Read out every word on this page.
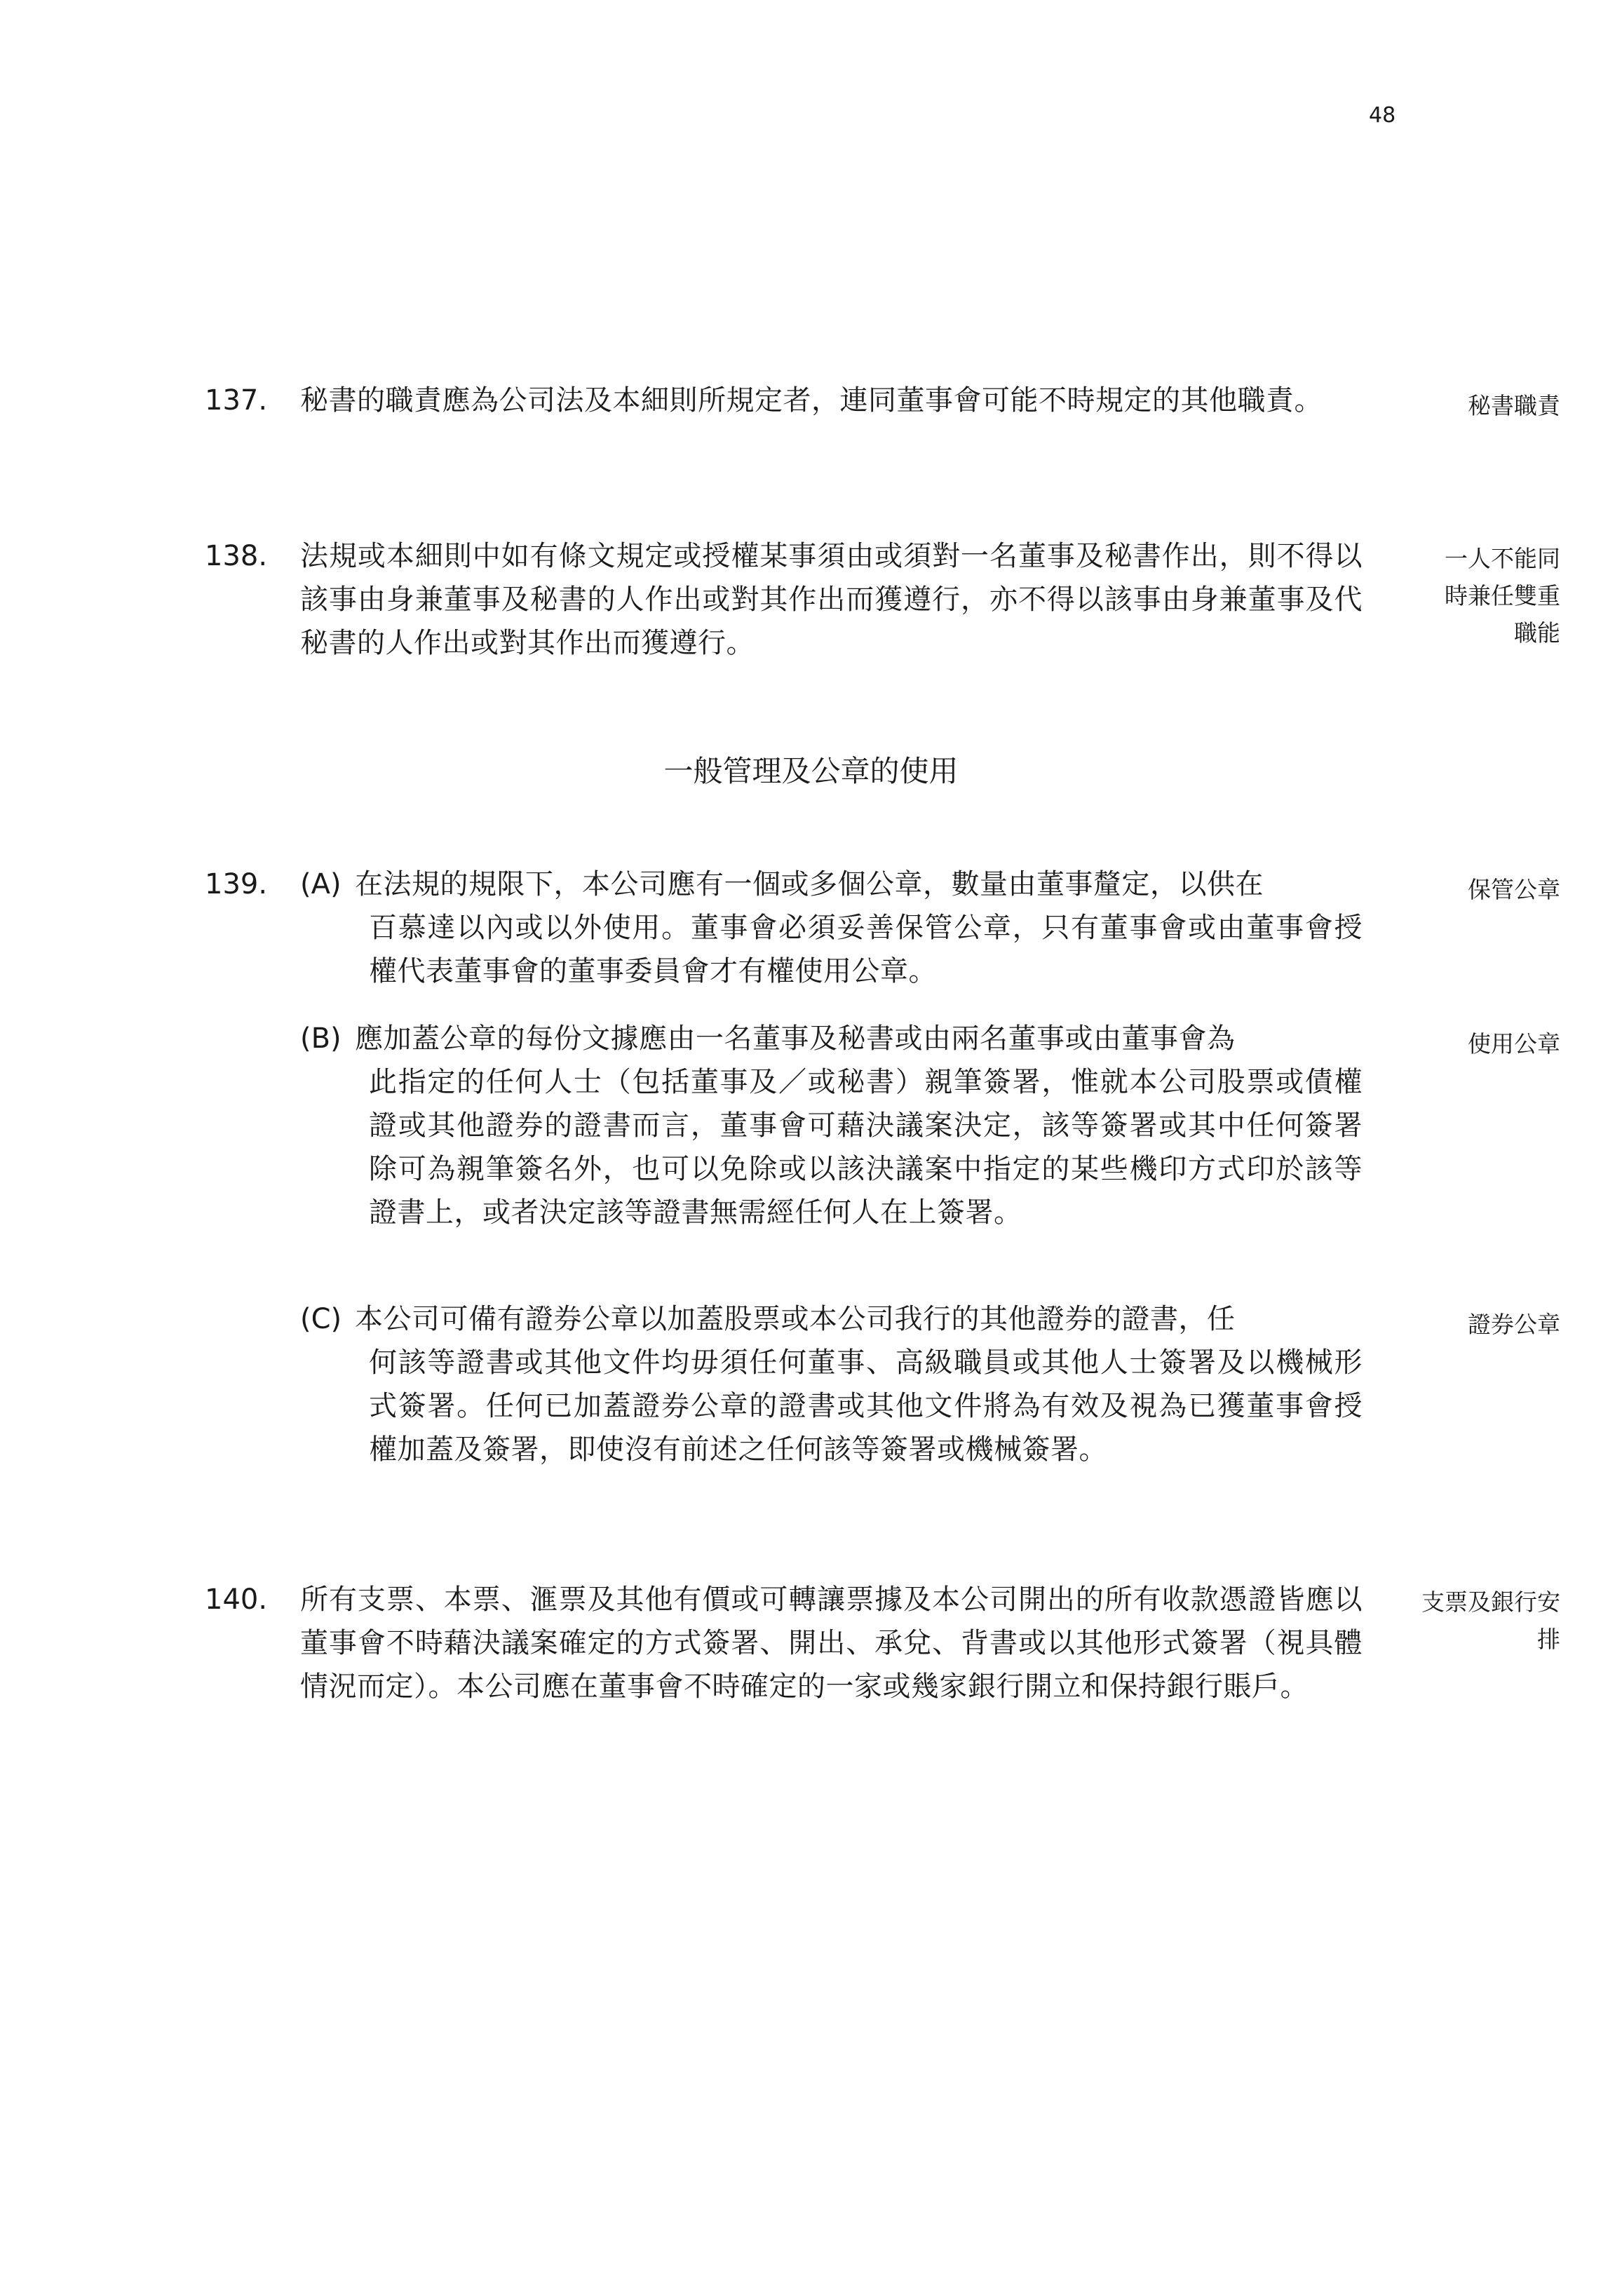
48
137. 秘書的職責應為公司法及本細則所規定者，連同董事會可能不時規定的其他職責。	秘書職責
138. 法規或本細則中如有條文規定或授權某事須由或須對一名董事及秘書作出，則不得以該事由身兼董事及秘書的人作出或對其作出而獲遵行，亦不得以該事由身兼董事及代秘書的人作出或對其作出而獲遵行。
一人不能同
時兼任雙重
職能
一般管理及公章的使用
139. (A) 在法規的規限下，本公司應有一個或多個公章，數量由董事釐定，以供在
百慕達以內或以外使用。董事會必須妥善保管公章，只有董事會或由董事會授權代表董事會的董事委員會才有權使用公章。
保管公章
(B) 應加蓋公章的每份文據應由一名董事及秘書或由兩名董事或由董事會為
此指定的任何人士（包括董事及／或秘書）親筆簽署，惟就本公司股票或債權證或其他證券的證書而言，董事會可藉決議案決定，該等簽署或其中任何簽署除可為親筆簽名外，也可以免除或以該決議案中指定的某些機印方式印於該等證書上，或者決定該等證書無需經任何人在上簽署。
使用公章
(C) 本公司可備有證券公章以加蓋股票或本公司我行的其他證券的證書，任
何該等證書或其他文件均毋須任何董事、高級職員或其他人士簽署及以機械形式簽署。任何已加蓋證券公章的證書或其他文件將為有效及視為已獲董事會授權加蓋及簽署，即使沒有前述之任何該等簽署或機械簽署。
證券公章
140. 所有支票、本票、滙票及其他有價或可轉讓票據及本公司開出的所有收款憑證皆應以董事會不時藉決議案確定的方式簽署、開出、承兌、背書或以其他形式簽署（視具體情況而定）。本公司應在董事會不時確定的一家或幾家銀行開立和保持銀行賬戶。
支票及銀行安
排
